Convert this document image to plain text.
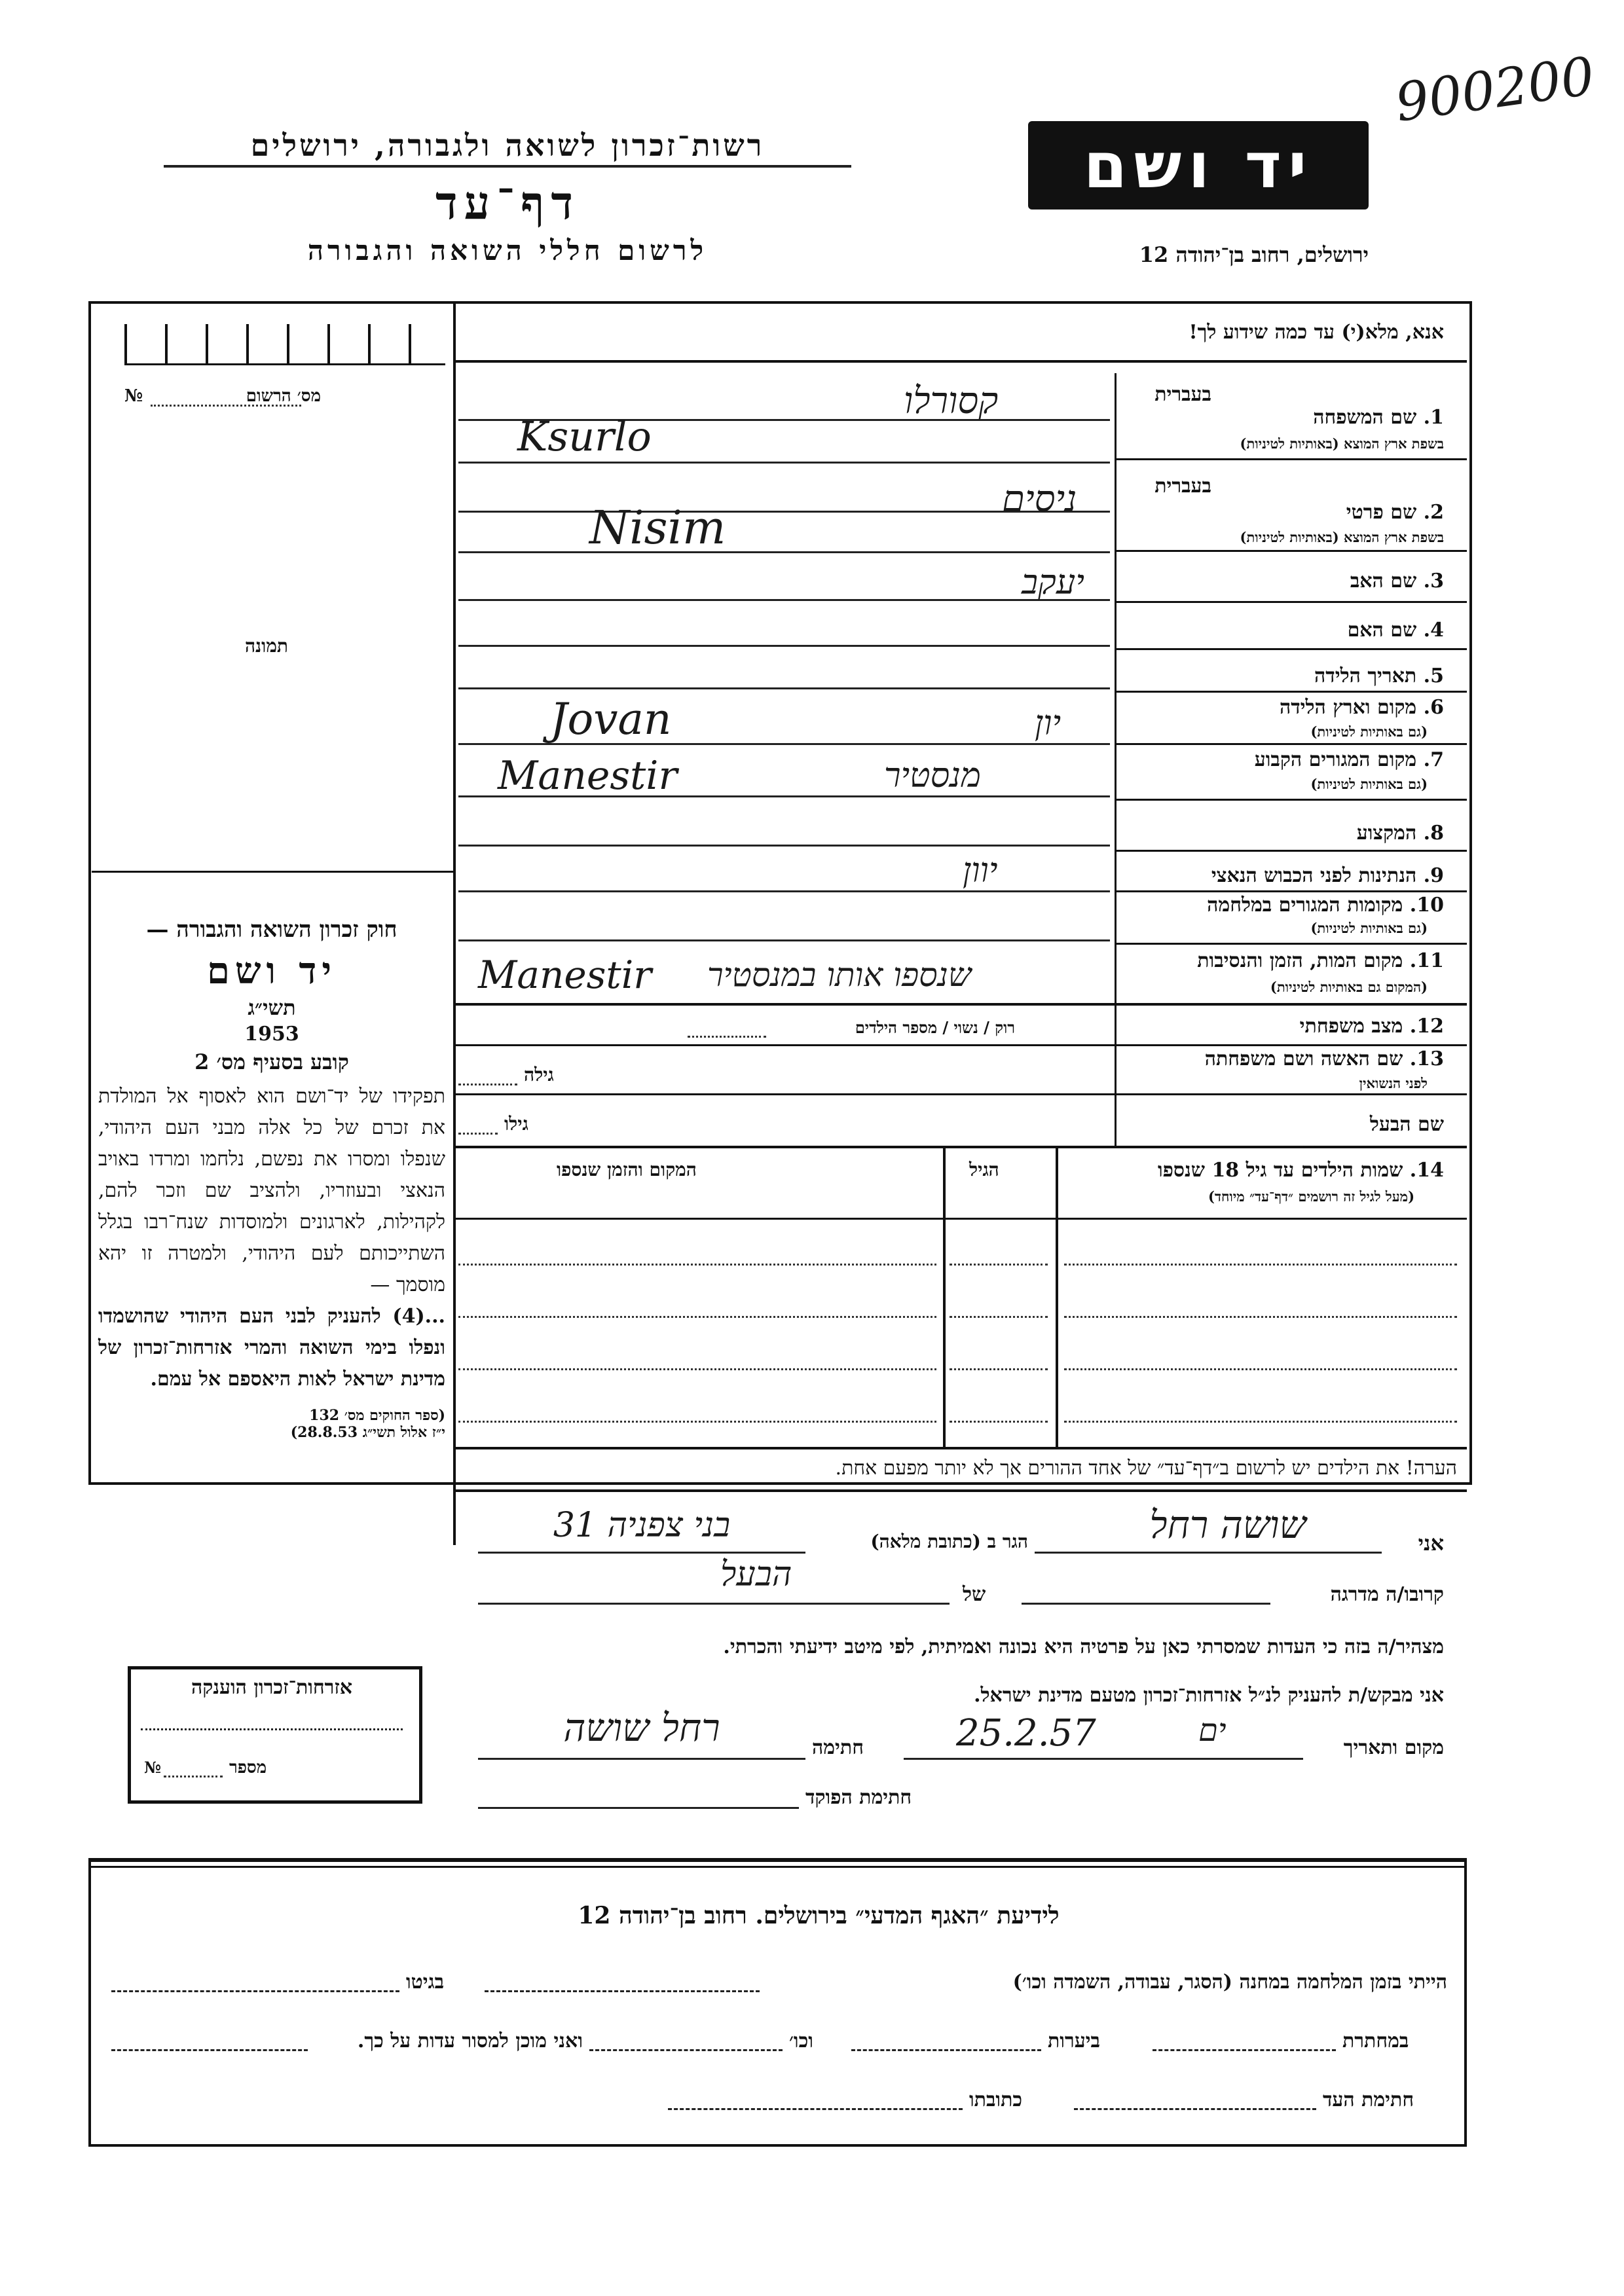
900200
רשות־זכרון לשואה ולגבורה, ירושלים
דף־עד
לרשום חללי השואה והגבורה
יד ושם
ירושלים, רחוב בן־יהודה 12
מס׳ הרשום
№
תמונה
אנא, מלא(י) עד כמה שידוע לך!
בעברית
1. שם המשפחה
בשפת ארץ המוצא (באותיות לטיניות)
בעברית
2. שם פרטי
בשפת ארץ המוצא (באותיות לטיניות)
3. שם האב
4. שם האם
5. תאריך הלידה
6. מקום וארץ הלידה
(גם באותיות לטיניות)
7. מקום המגורים הקבוע
(גם באותיות לטיניות)
8. המקצוע
9. הנתינות לפני הכבוש הנאצי
10. מקומות המגורים במלחמה
(גם באותיות לטיניות)
11. מקום המות, הזמן והנסיבות
(המקום גם באותיות לטיניות)
12. מצב משפחתי
רוק / נשוי / מספר הילדים
13. שם האשה ושם משפחתה
לפני הנשואין
גילה
שם הבעל
גילו
קסורלו
Ksurlo
ניסים
Nisim
יעקב
יון
Jovan
מנסטיר
Manestir
יוון
שנספו אותו במנסטיר
Manestir
14. שמות הילדים עד גיל 18 שנספו
(מעל לגיל זה רושמים ״דף־עד״ מיוחד)
הגיל
המקום והזמן שנספו
חוק זכרון השואה והגבורה —
יד ושם
תשי״ג
1953
קובע בסעיף מס׳ 2
תפקידו של יד־ושם הוא לאסוף אל המולדת את זכרם של כל אלה מבני העם היהודי, שנפלו ומסרו את נפשם, נלחמו ומרדו באויב הנאצי ובעוזריו, ולהציב שם וזכר להם, לקהילות, לארגונים ולמוסדות שנח־רבו בגלל השתייכותם לעם היהודי, ולמטרה זו יהא מוסמך —
...(4) להעניק לבני העם היהודי שהושמדו ונפלו בימי השואה והמרי אזרחות־זכרון של מדינת ישראל לאות היאספם אל עמם.
(ספר החוקים מס׳ 132
י״ז אלול תשי״ג 28.8.53)
הערה! את הילדים יש לרשום ב״דף־עד״ של אחד ההורים אך לא יותר מפעם אחת.
אני
שושה רחל
הגר ב (כתובת מלאה)
בני צפניה 31
קרובו/ה מדרגה
של
הבעל
מצהיר/ה בזה כי העדות שמסרתי כאן על פרטיה היא נכונה ואמיתית, לפי מיטב ידיעתי והכרתי.
אני מבקש/ת להעניק לנ״ל אזרחות־זכרון מטעם מדינת ישראל.
מקום ותאריך
ים
25.2.57
חתימה
רחל שושה
חתימת הפוקד
אזרחות־זכרון הוענקה
מספר
№
לידיעת ״האגף המדעי״ בירושלים. רחוב בן־יהודה 12
הייתי בזמן המלחמה במחנה (הסגר, עבודה, השמדה וכו׳)
בגיטו
במחתרת
ביערות
וכו׳
ואני מוכן למסור עדות על כך.
חתימת העד
כתובתו
